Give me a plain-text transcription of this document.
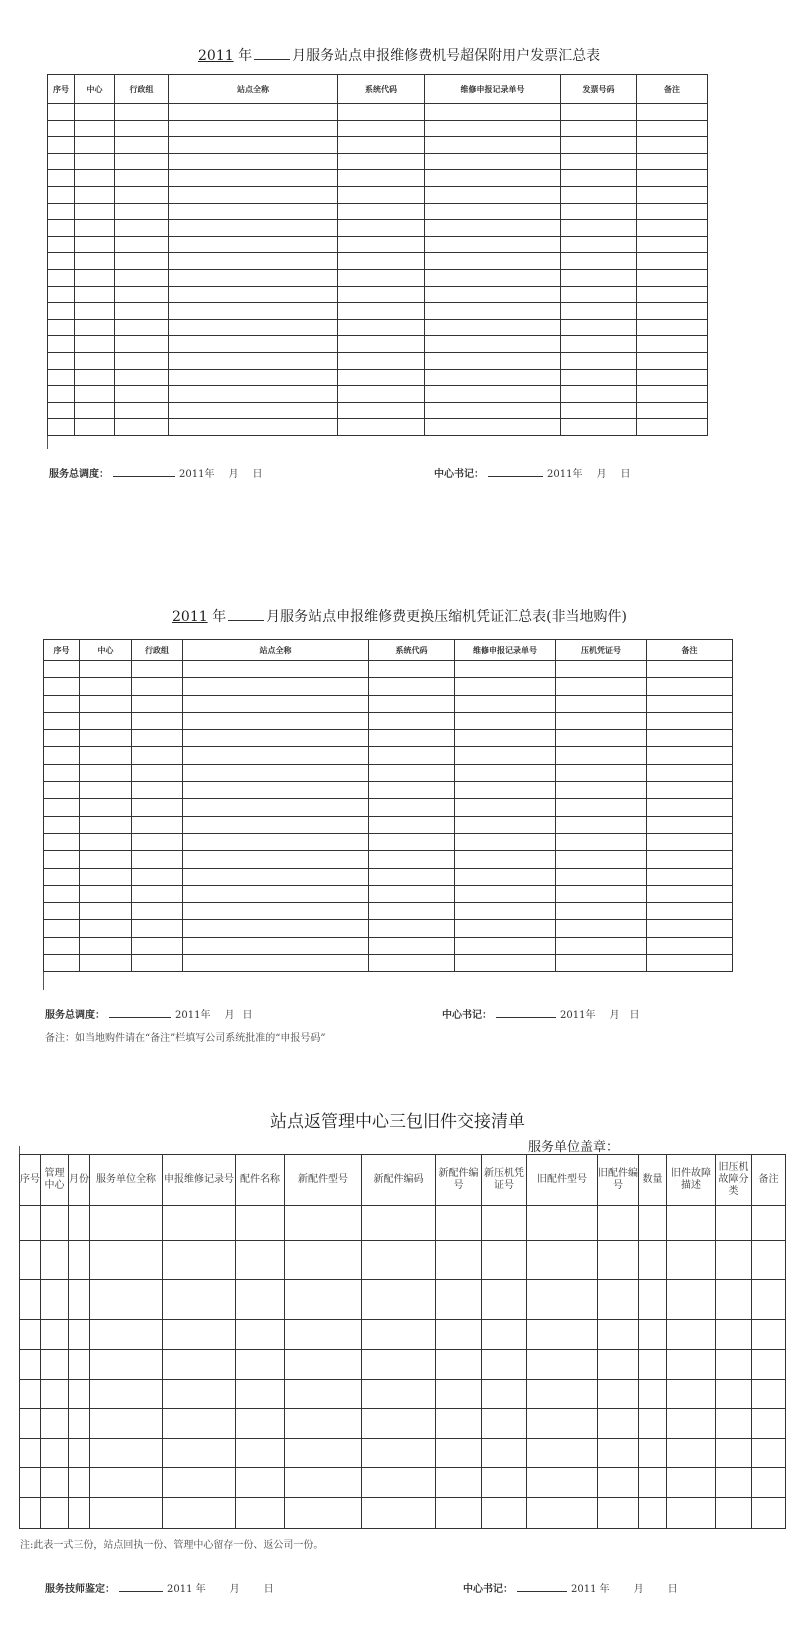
2011 年	月服务站点申报维修费机号超保附用户发票汇总表
序号	中心	行政组	站点全称	系统代码	维修申报记录单号	发票号码	备注

服务总调度：	2011年 月 日	中心书记：	2011年 月 日
2011 年	月服务站点申报维修费更换压缩机凭证汇总表(非当地购件)
序号	中心	行政组	站点全称	系统代码	维修申报记录单号	压机凭证号	备注

服务总调度：	2011年 月 日	中心书记：	2011年 月 日
备注：如当地购件请在“备注”栏填写公司系统批准的“申报号码”
站点返管理中心三包旧件交接清单
服务单位盖章：
序号	管理中心	月份	服务单位全称	申报维修记录号	配件名称	新配件型号	新配件编码	新配件编号	新压机凭证号	旧配件型号	旧配件编号	数量	旧件故障描述	旧压机故障分类	备注

注:此表一式三份，站点回执一份、管理中心留存一份、返公司一份。
服务技师鉴定：	2011 年 月 日	中心书记：	2011 年 月 日
